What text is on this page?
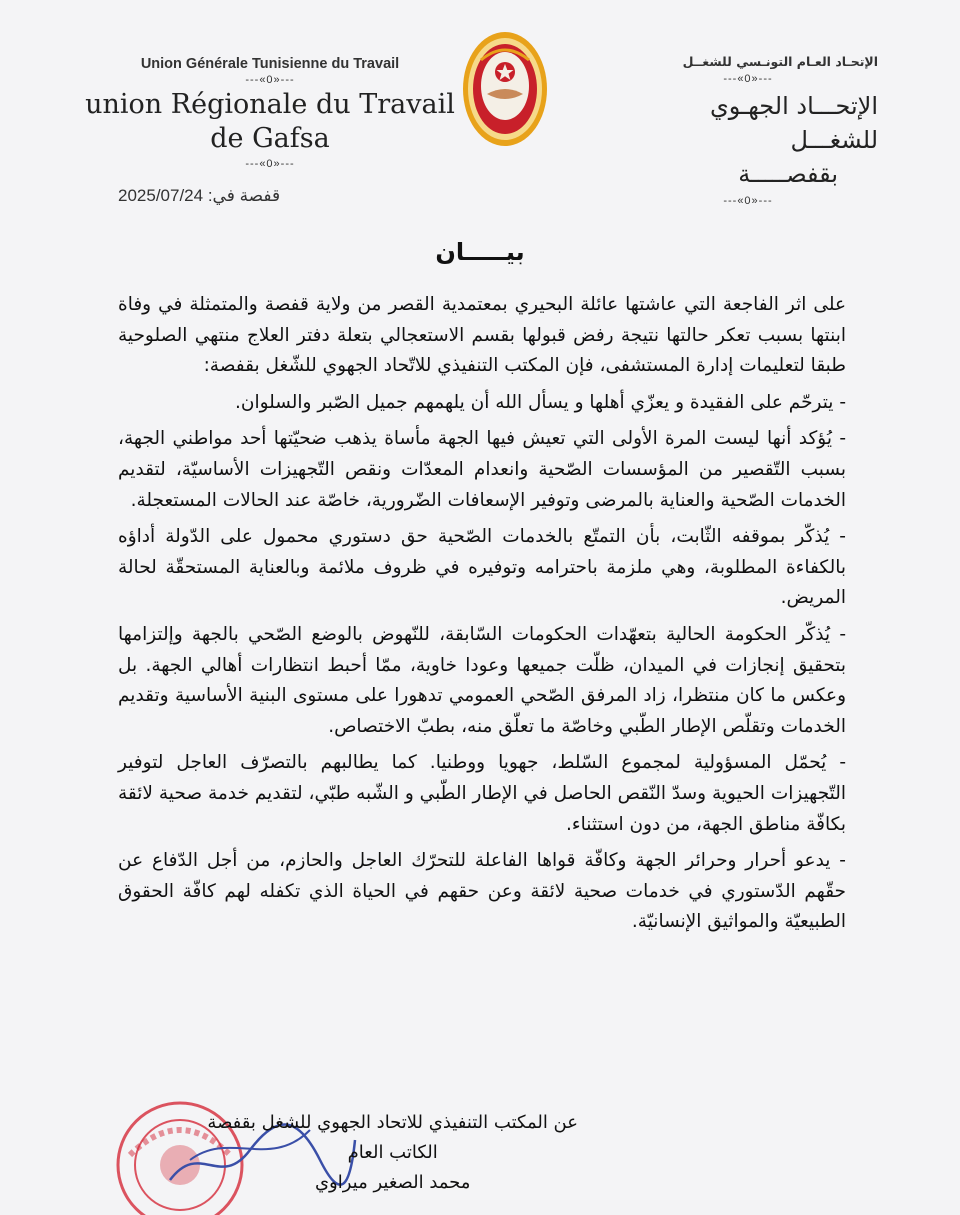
Union Générale Tunisienne du Travail
---«0»---
union Régionale du Travail
de Gafsa
---«0»---
قفصة في: 2025/07/24
الإتحـاد العـام التونـسي للشغــل
---«0»---
الإتحـــاد الجهـوي للشغـــل
بقفصـــــة
---«0»---
بيـــــان

على اثر الفاجعة التي عاشتها عائلة البحيري بمعتمدية القصر من ولاية قفصة والمتمثلة في وفاة ابنتها بسبب تعكر حالتها نتيجة رفض قبولها بقسم الاستعجالي بتعلة دفتر العلاج منتهي الصلوحية طبقا لتعليمات إدارة المستشفى، فإن المكتب التنفيذي للاتّحاد الجهوي للشّغل بقفصة:

- يترحّم على الفقيدة و يعزّي أهلها و يسأل الله أن يلهمهم جميل الصّبر والسلوان.

- يُؤكد أنها ليست المرة الأولى التي تعيش فيها الجهة مأساة يذهب ضحيّتها أحد مواطني الجهة، بسبب التّقصير من المؤسسات الصّحية وانعدام المعدّات ونقص التّجهيزات الأساسيّة، لتقديم الخدمات الصّحية والعناية بالمرضى وتوفير الإسعافات الضّرورية، خاصّة عند الحالات المستعجلة.

- يُذكّر بموقفه الثّابت، بأن التمتّع بالخدمات الصّحية حق دستوري محمول على الدّولة أداؤه بالكفاءة المطلوبة، وهي ملزمة باحترامه وتوفيره في ظروف ملائمة وبالعناية المستحقّة لحالة المريض.

- يُذكّر الحكومة الحالية بتعهّدات الحكومات السّابقة، للنّهوض بالوضع الصّحي بالجهة وإلتزامها بتحقيق إنجازات في الميدان، ظلّت جميعها وعودا خاوية، ممّا أحبط انتظارات أهالي الجهة. بل وعكس ما كان منتظرا، زاد المرفق الصّحي العمومي تدهورا على مستوى البنية الأساسية وتقديم الخدمات وتقلّص الإطار الطّبي وخاصّة ما تعلّق منه، بطبّ الاختصاص.

- يُحمّل المسؤولية لمجموع السّلط، جهويا ووطنيا. كما يطالبهم بالتصرّف العاجل لتوفير التّجهيزات الحيوية وسدّ النّقص الحاصل في الإطار الطّبي و الشّبه طبّي، لتقديم خدمة صحية لائقة بكافّة مناطق الجهة، من دون استثناء.

- يدعو أحرار وحرائر الجهة وكافّة قواها الفاعلة للتحرّك العاجل والحازم، من أجل الدّفاع عن حقّهم الدّستوري في خدمات صحية لائقة وعن حقهم في الحياة الذي تكفله لهم كافّة الحقوق الطبيعيّة والمواثيق الإنسانيّة.

عن المكتب التنفيذي للاتحاد الجهوي للشغل بقفصة
الكاتب العام
محمد الصغير ميراوي
